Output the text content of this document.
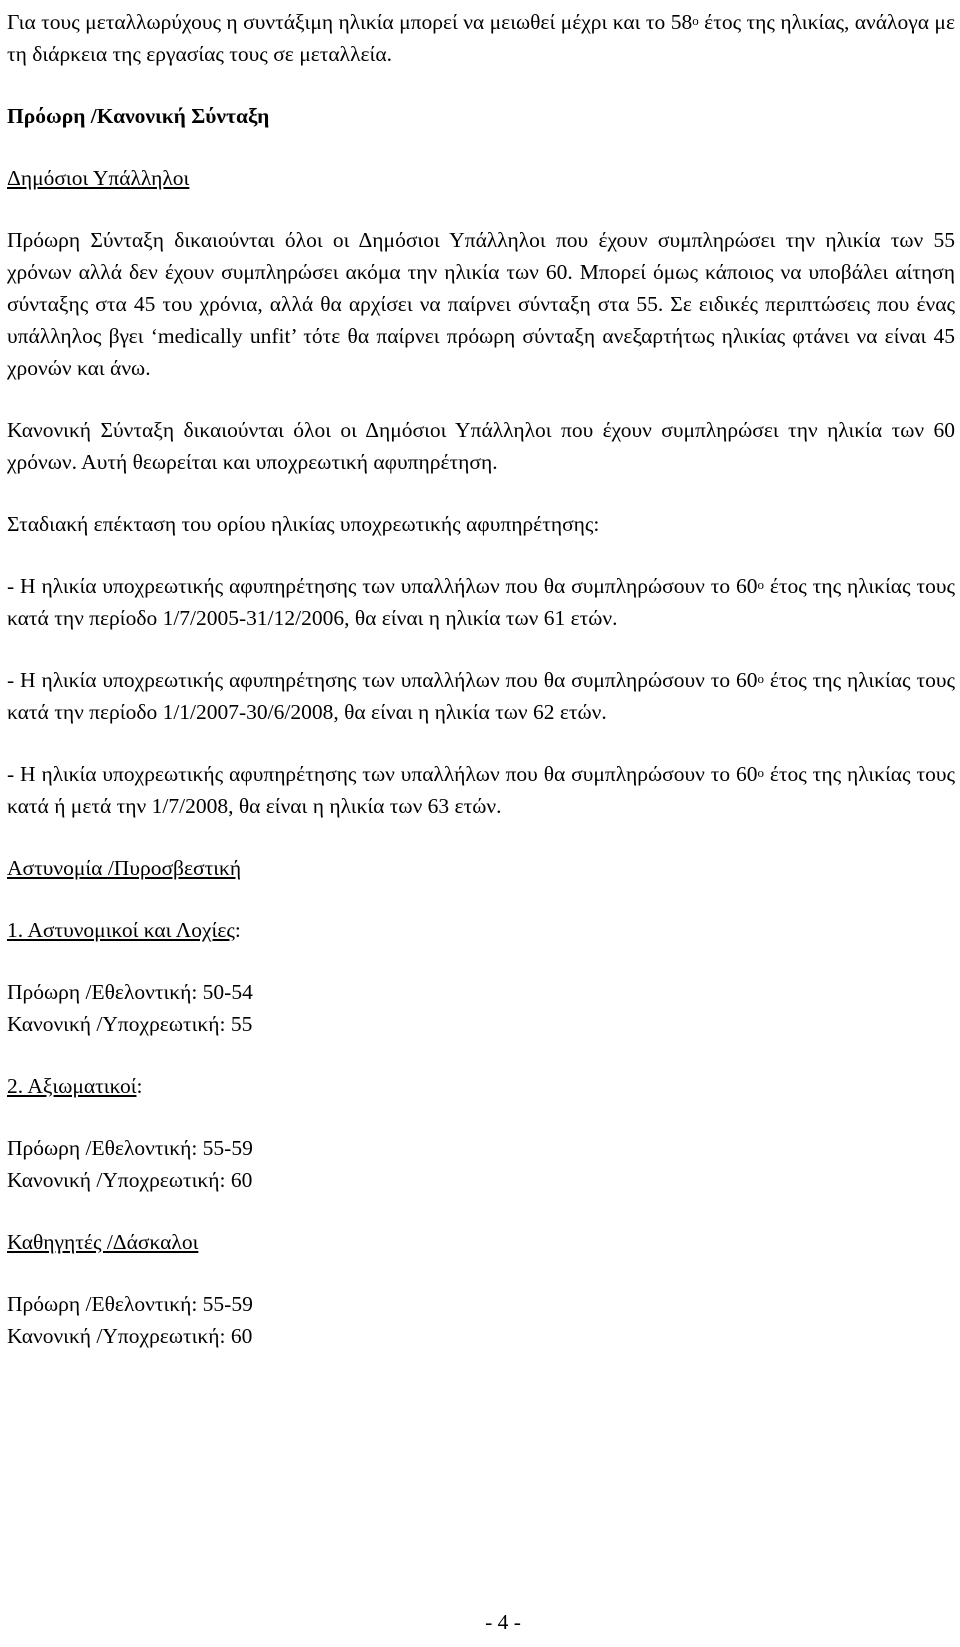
Για τους μεταλλωρύχους η συντάξιμη ηλικία μπορεί να μειωθεί μέχρι και το $58^o$ έτος της ηλικίας, ανάλογα με τη διάρκεια της εργασίας τους σε μεταλλεία.

Πρόωρη /Κανονική Σύνταξη

Δημόσιοι Υπάλληλοι

Πρόωρη Σύνταξη δικαιούνται όλοι οι Δημόσιοι Υπάλληλοι που έχουν συμπληρώσει την ηλικία των 55 χρόνων αλλά δεν έχουν συμπληρώσει ακόμα την ηλικία των 60. Μπορεί όμως κάποιος να υποβάλει αίτηση σύνταξης στα 45 του χρόνια, αλλά θα αρχίσει να παίρνει σύνταξη στα 55. Σε ειδικές περιπτώσεις που ένας υπάλληλος βγει ‘medically unfit’ τότε θα παίρνει πρόωρη σύνταξη ανεξαρτήτως ηλικίας φτάνει να είναι 45 χρονών και άνω.

Κανονική Σύνταξη δικαιούνται όλοι οι Δημόσιοι Υπάλληλοι που έχουν συμπληρώσει την ηλικία των 60 χρόνων. Αυτή θεωρείται και υποχρεωτική αφυπηρέτηση.

Σταδιακή επέκταση του ορίου ηλικίας υποχρεωτικής αφυπηρέτησης:

- Η ηλικία υποχρεωτικής αφυπηρέτησης των υπαλλήλων που θα συμπληρώσουν το $60^o$ έτος της ηλικίας τους κατά την περίοδο 1/7/2005-31/12/2006, θα είναι η ηλικία των 61 ετών.

- Η ηλικία υποχρεωτικής αφυπηρέτησης των υπαλλήλων που θα συμπληρώσουν το $60^o$ έτος της ηλικίας τους κατά την περίοδο 1/1/2007-30/6/2008, θα είναι η ηλικία των 62 ετών.

- Η ηλικία υποχρεωτικής αφυπηρέτησης των υπαλλήλων που θα συμπληρώσουν το $60^o$ έτος της ηλικίας τους κατά ή μετά την 1/7/2008, θα είναι η ηλικία των 63 ετών.

Αστυνομία /Πυροσβεστική

1. Αστυνομικοί και Λοχίες:

Πρόωρη /Εθελοντική: 50-54

Κανονική /Υποχρεωτική: 55

2. Αξιωματικοί:

Πρόωρη /Εθελοντική: 55-59

Κανονική /Υποχρεωτική: 60

Καθηγητές /Δάσκαλοι

Πρόωρη /Εθελοντική: 55-59

Κανονική /Υποχρεωτική: 60

- 4 -
